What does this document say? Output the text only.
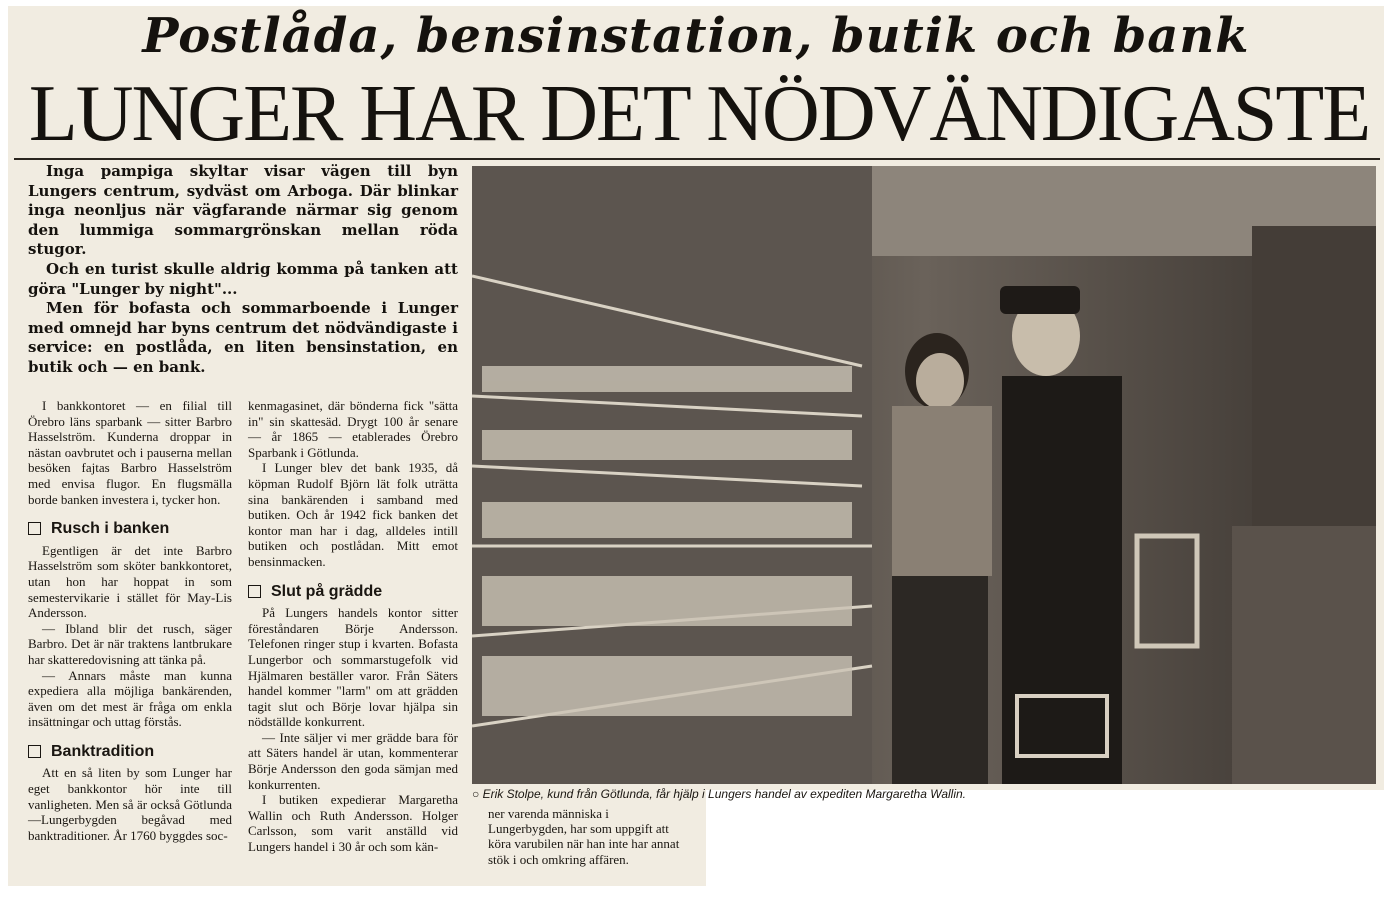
Postlåda, bensinstation, butik och bank
LUNGER HAR DET NÖDVÄNDIGASTE

Inga pampiga skyltar visar vägen till byn Lungers centrum, sydväst om Arboga. Där blinkar inga neonljus när vägfarande närmar sig genom den lummiga sommargrönskan mellan röda stugor.

Och en turist skulle aldrig komma på tanken att göra "Lunger by night"...

Men för bofasta och sommarboende i Lunger med omnejd har byns centrum det nödvändigaste i service: en postlåda, en liten bensinstation, en butik och — en bank.

I bankkontoret — en filial till Örebro läns sparbank — sitter Barbro Hasselström. Kunderna droppar in nästan oavbrutet och i pauserna mellan besöken fajtas Barbro Hasselström med envisa flugor. En flugsmälla borde banken investera i, tycker hon.

Rusch i banken

Egentligen är det inte Barbro Hasselström som sköter bankkontoret, utan hon har hoppat in som semestervikarie i stället för May-Lis Andersson.

— Ibland blir det rusch, säger Barbro. Det är när traktens lantbrukare har skatteredovisning att tänka på.

— Annars måste man kunna expediera alla möjliga bankärenden, även om det mest är fråga om enkla insättningar och uttag förstås.

Banktradition

Att en så liten by som Lunger har eget bankkontor hör inte till vanligheten. Men så är också Götlunda—Lungerbygden begåvad med banktraditioner. År 1760 byggdes soc-

kenmagasinet, där bönderna fick "sätta in" sin skattesäd. Drygt 100 år senare — år 1865 — etablerades Örebro Sparbank i Götlunda.

I Lunger blev det bank 1935, då köpman Rudolf Björn lät folk uträtta sina bankärenden i samband med butiken. Och år 1942 fick banken det kontor man har i dag, alldeles intill butiken och postlådan. Mitt emot bensinmacken.

Slut på grädde

På Lungers handels kontor sitter föreståndaren Börje Andersson. Telefonen ringer stup i kvarten. Bofasta Lungerbor och sommarstugefolk vid Hjälmaren beställer varor. Från Säters handel kommer "larm" om att grädden tagit slut och Börje lovar hjälpa sin nödställde konkurrent.

— Inte säljer vi mer grädde bara för att Säters handel är utan, kommenterar Börje Andersson den goda sämjan med konkurrenten.

I butiken expedierar Margaretha Wallin och Ruth Andersson. Holger Carlsson, som varit anställd vid Lungers handel i 30 år och som kän-

○ Erik Stolpe, kund från Götlunda, får hjälp i Lungers handel av expediten Margaretha Wallin.

ner varenda människa i Lungerbygden, har som uppgift att köra varubilen när han inte har annat stök i och omkring affären.
